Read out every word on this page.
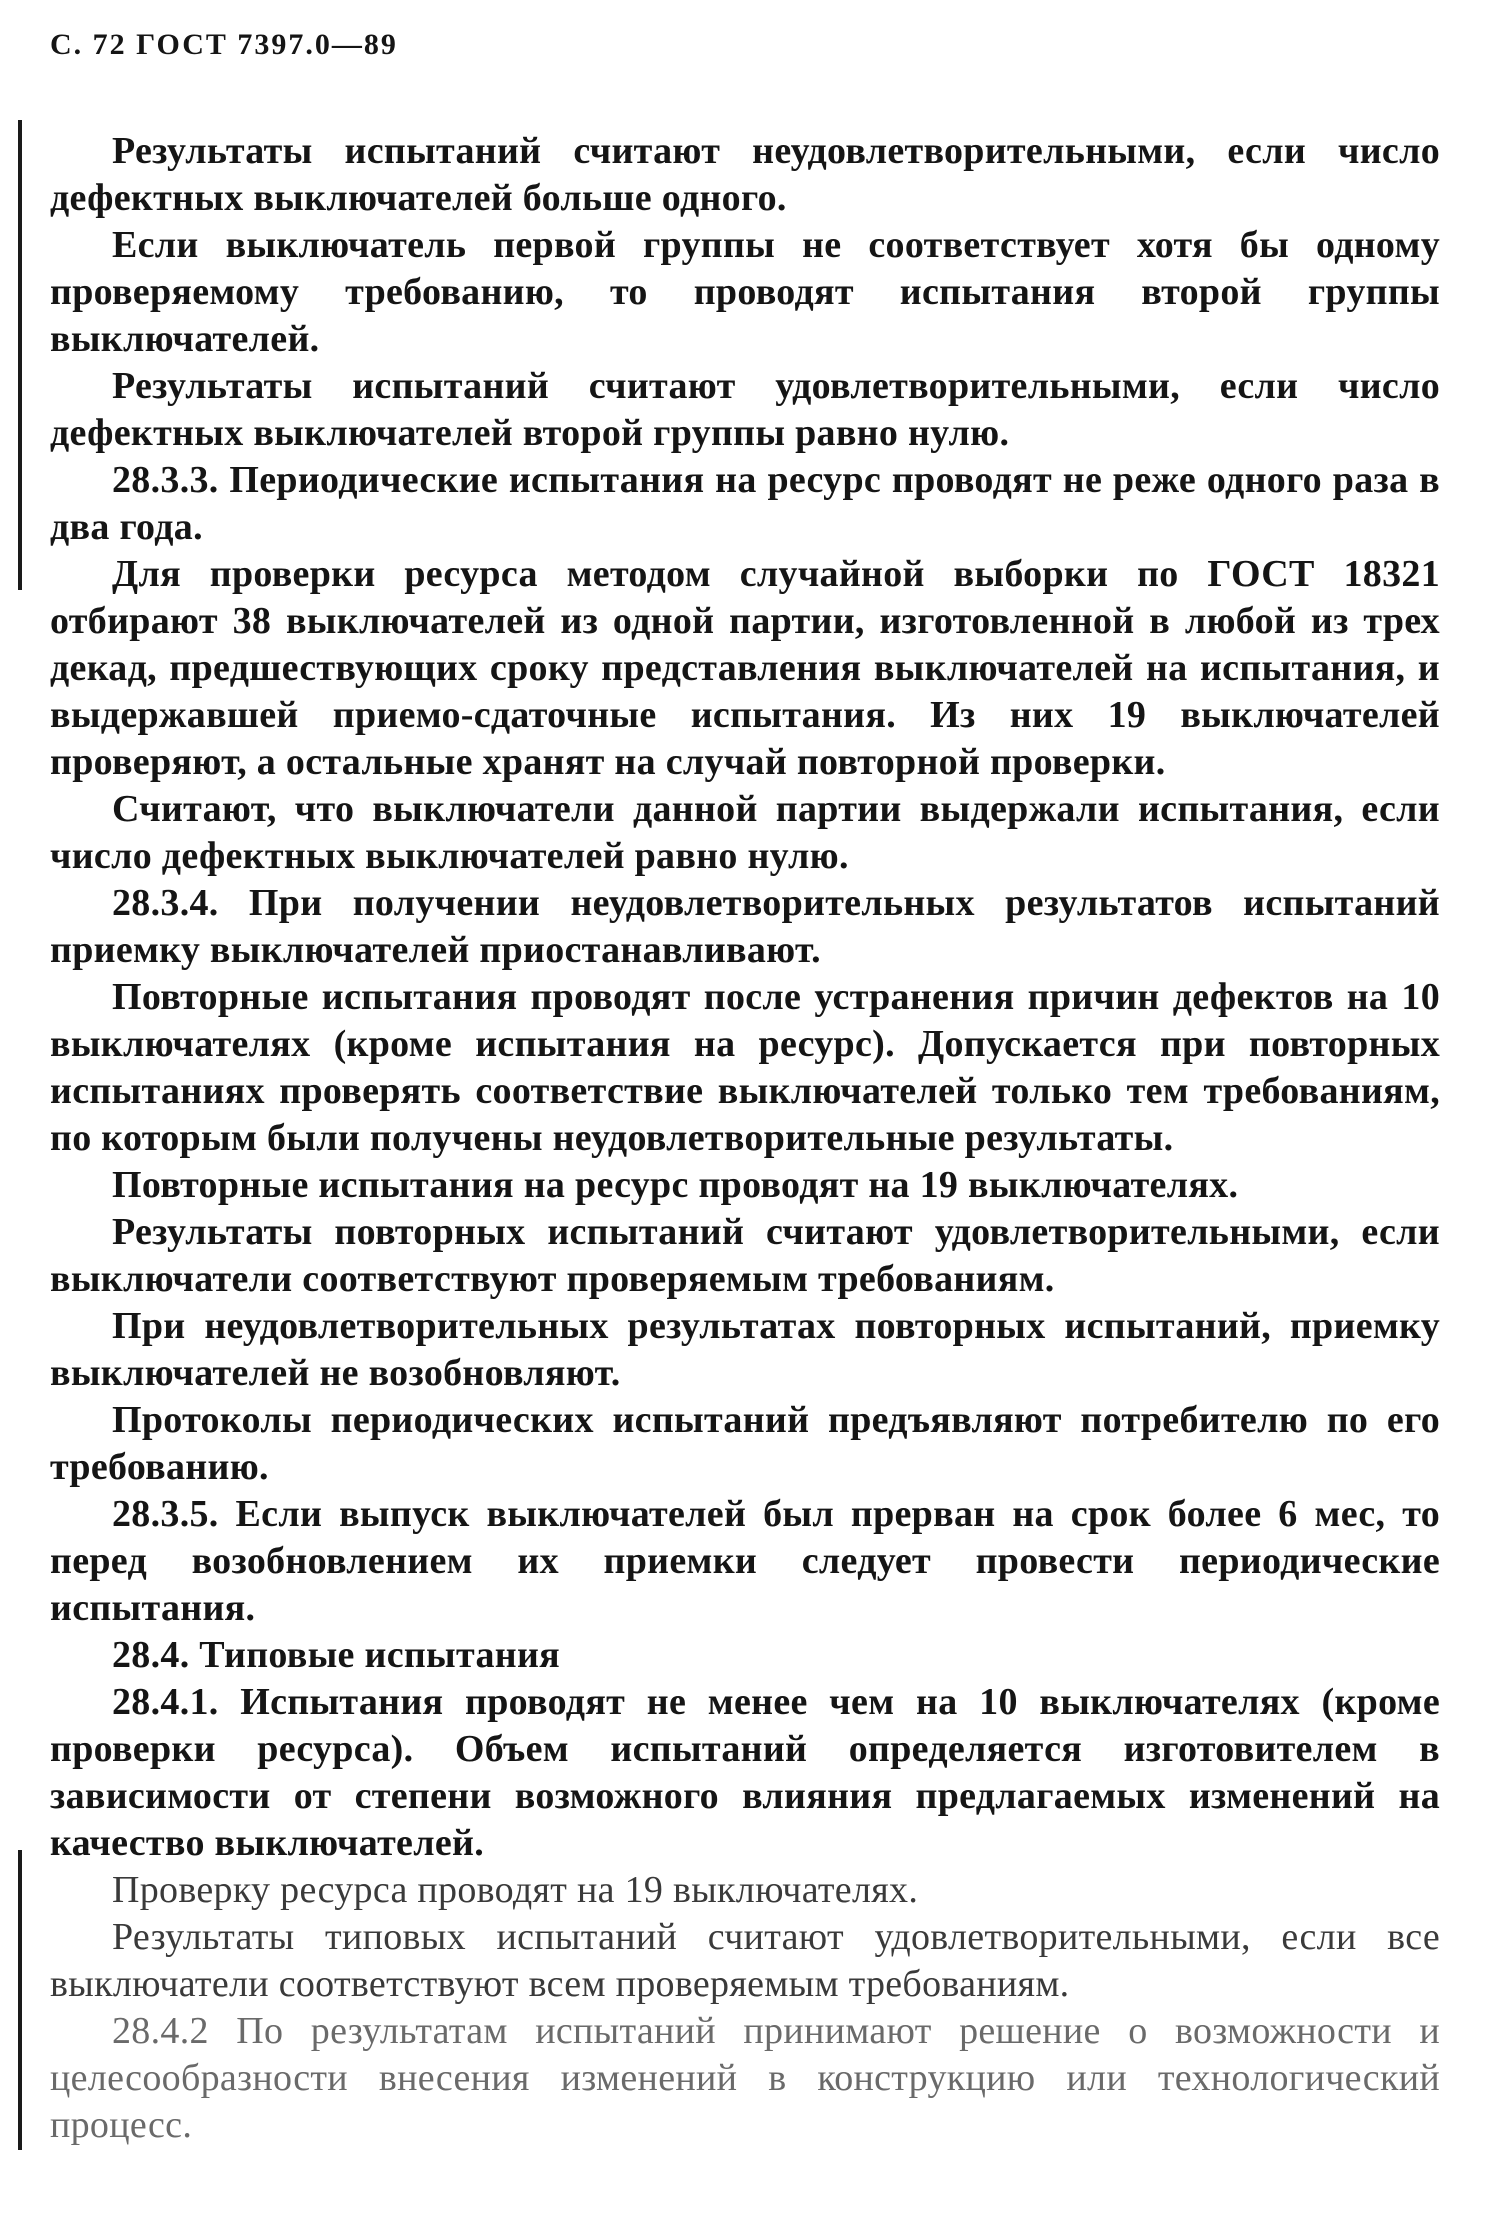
С. 72 ГОСТ 7397.0—89

Результаты испытаний считают неудовлетворительными, если число дефектных выключателей больше одного.

Если выключатель первой группы не соответствует хотя бы одному проверяемому требованию, то проводят испытания второй группы выключателей.

Результаты испытаний считают удовлетворительными, если число дефектных выключателей второй группы равно нулю.

28.3.3. Периодические испытания на ресурс проводят не реже одного раза в два года.

Для проверки ресурса методом случайной выборки по ГОСТ 18321 отбирают 38 выключателей из одной партии, изготовленной в любой из трех декад, предшествующих сроку представления выключателей на испытания, и выдержавшей приемо-сдаточные испытания. Из них 19 выключателей проверяют, а остальные хранят на случай повторной проверки.

Считают, что выключатели данной партии выдержали испытания, если число дефектных выключателей равно нулю.

28.3.4. При получении неудовлетворительных результатов испытаний приемку выключателей приостанавливают.

Повторные испытания проводят после устранения причин дефектов на 10 выключателях (кроме испытания на ресурс). Допускается при повторных испытаниях проверять соответствие выключателей только тем требованиям, по которым были получены неудовлетворительные результаты.

Повторные испытания на ресурс проводят на 19 выключателях.

Результаты повторных испытаний считают удовлетворительными, если выключатели соответствуют проверяемым требованиям.

При неудовлетворительных результатах повторных испытаний, приемку выключателей не возобновляют.

Протоколы периодических испытаний предъявляют потребителю по его требованию.

28.3.5. Если выпуск выключателей был прерван на срок более 6 мес, то перед возобновлением их приемки следует провести периодические испытания.

28.4. Типовые испытания

28.4.1. Испытания проводят не менее чем на 10 выключателях (кроме проверки ресурса). Объем испытаний определяется изготовителем в зависимости от степени возможного влияния предлагаемых изменений на качество выключателей.

Проверку ресурса проводят на 19 выключателях.

Результаты типовых испытаний считают удовлетворительными, если все выключатели соответствуют всем проверяемым требованиям.

28.4.2 По результатам испытаний принимают решение о возможности и целесообразности внесения изменений в конструкцию или технологический процесс.
